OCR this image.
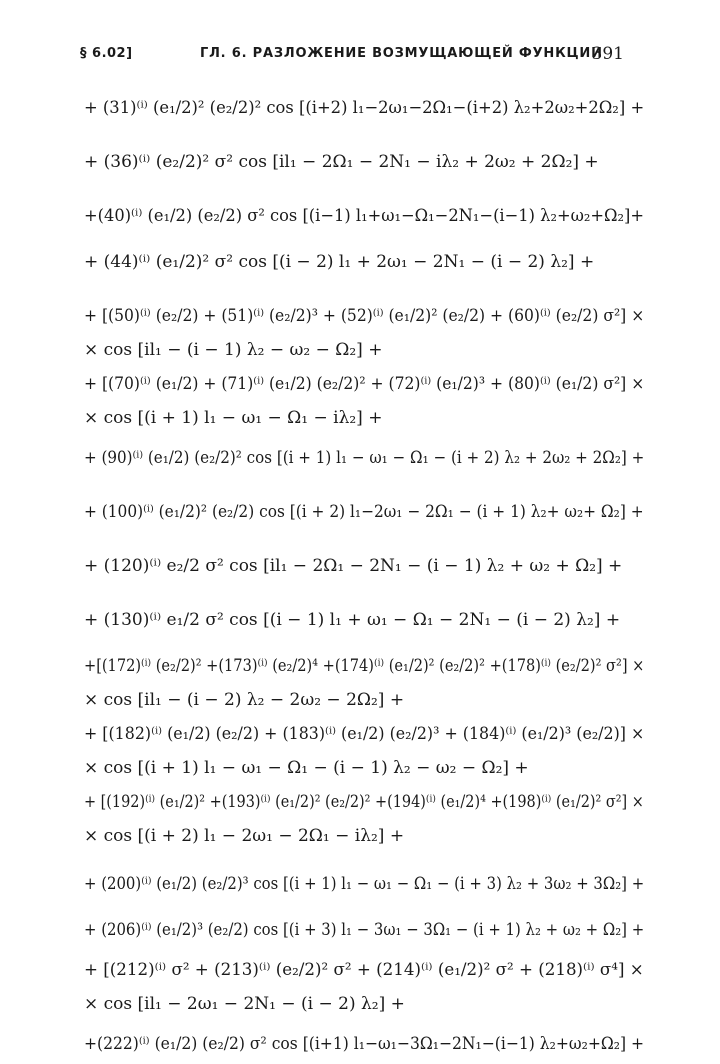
§ 6.02]	ГЛ. 6. РАЗЛОЖЕНИЕ ВОЗМУЩАЮЩЕЙ ФУНКЦИИ
391
+ (31)⁽ⁱ⁾ (e₁/2)² (e₂/2)² cos [(i+2) l₁−2ω₁−2Ω₁−(i+2) λ₂+2ω₂+2Ω₂] +
+ (36)⁽ⁱ⁾ (e₂/2)² σ² cos [il₁ − 2Ω₁ − 2N₁ − iλ₂ + 2ω₂ + 2Ω₂] +
+(40)⁽ⁱ⁾ (e₁/2) (e₂/2) σ² cos [(i−1) l₁+ω₁−Ω₁−2N₁−(i−1) λ₂+ω₂+Ω₂]+
+ (44)⁽ⁱ⁾ (e₁/2)² σ² cos [(i − 2) l₁ + 2ω₁ − 2N₁ − (i − 2) λ₂] +
+ [(50)⁽ⁱ⁾ (e₂/2) + (51)⁽ⁱ⁾ (e₂/2)³ + (52)⁽ⁱ⁾ (e₁/2)² (e₂/2) + (60)⁽ⁱ⁾ (e₂/2) σ²] ×
× cos [il₁ − (i − 1) λ₂ − ω₂ − Ω₂] +
+ [(70)⁽ⁱ⁾ (e₁/2) + (71)⁽ⁱ⁾ (e₁/2) (e₂/2)² + (72)⁽ⁱ⁾ (e₁/2)³ + (80)⁽ⁱ⁾ (e₁/2) σ²] ×
× cos [(i + 1) l₁ − ω₁ − Ω₁ − iλ₂] +
+ (90)⁽ⁱ⁾ (e₁/2) (e₂/2)² cos [(i + 1) l₁ − ω₁ − Ω₁ − (i + 2) λ₂ + 2ω₂ + 2Ω₂] +
+ (100)⁽ⁱ⁾ (e₁/2)² (e₂/2) cos [(i + 2) l₁−2ω₁ − 2Ω₁ − (i + 1) λ₂+ ω₂+ Ω₂] +
+ (120)⁽ⁱ⁾ e₂/2 σ² cos [il₁ − 2Ω₁ − 2N₁ − (i − 1) λ₂ + ω₂ + Ω₂] +
+ (130)⁽ⁱ⁾ e₁/2 σ² cos [(i − 1) l₁ + ω₁ − Ω₁ − 2N₁ − (i − 2) λ₂] +
+[(172)⁽ⁱ⁾ (e₂/2)² +(173)⁽ⁱ⁾ (e₂/2)⁴ +(174)⁽ⁱ⁾ (e₁/2)² (e₂/2)² +(178)⁽ⁱ⁾ (e₂/2)² σ²] ×
× cos [il₁ − (i − 2) λ₂ − 2ω₂ − 2Ω₂] +
+ [(182)⁽ⁱ⁾ (e₁/2) (e₂/2) + (183)⁽ⁱ⁾ (e₁/2) (e₂/2)³ + (184)⁽ⁱ⁾ (e₁/2)³ (e₂/2)] ×
× cos [(i + 1) l₁ − ω₁ − Ω₁ − (i − 1) λ₂ − ω₂ − Ω₂] +
+ [(192)⁽ⁱ⁾ (e₁/2)² +(193)⁽ⁱ⁾ (e₁/2)² (e₂/2)² +(194)⁽ⁱ⁾ (e₁/2)⁴ +(198)⁽ⁱ⁾ (e₁/2)² σ²] ×
× cos [(i + 2) l₁ − 2ω₁ − 2Ω₁ − iλ₂] +
+ (200)⁽ⁱ⁾ (e₁/2) (e₂/2)³ cos [(i + 1) l₁ − ω₁ − Ω₁ − (i + 3) λ₂ + 3ω₂ + 3Ω₂] +
+ (206)⁽ⁱ⁾ (e₁/2)³ (e₂/2) cos [(i + 3) l₁ − 3ω₁ − 3Ω₁ − (i + 1) λ₂ + ω₂ + Ω₂] +
+ [(212)⁽ⁱ⁾ σ² + (213)⁽ⁱ⁾ (e₂/2)² σ² + (214)⁽ⁱ⁾ (e₁/2)² σ² + (218)⁽ⁱ⁾ σ⁴] ×
× cos [il₁ − 2ω₁ − 2N₁ − (i − 2) λ₂] +
+(222)⁽ⁱ⁾ (e₁/2) (e₂/2) σ² cos [(i+1) l₁−ω₁−3Ω₁−2N₁−(i−1) λ₂+ω₂+Ω₂] +
